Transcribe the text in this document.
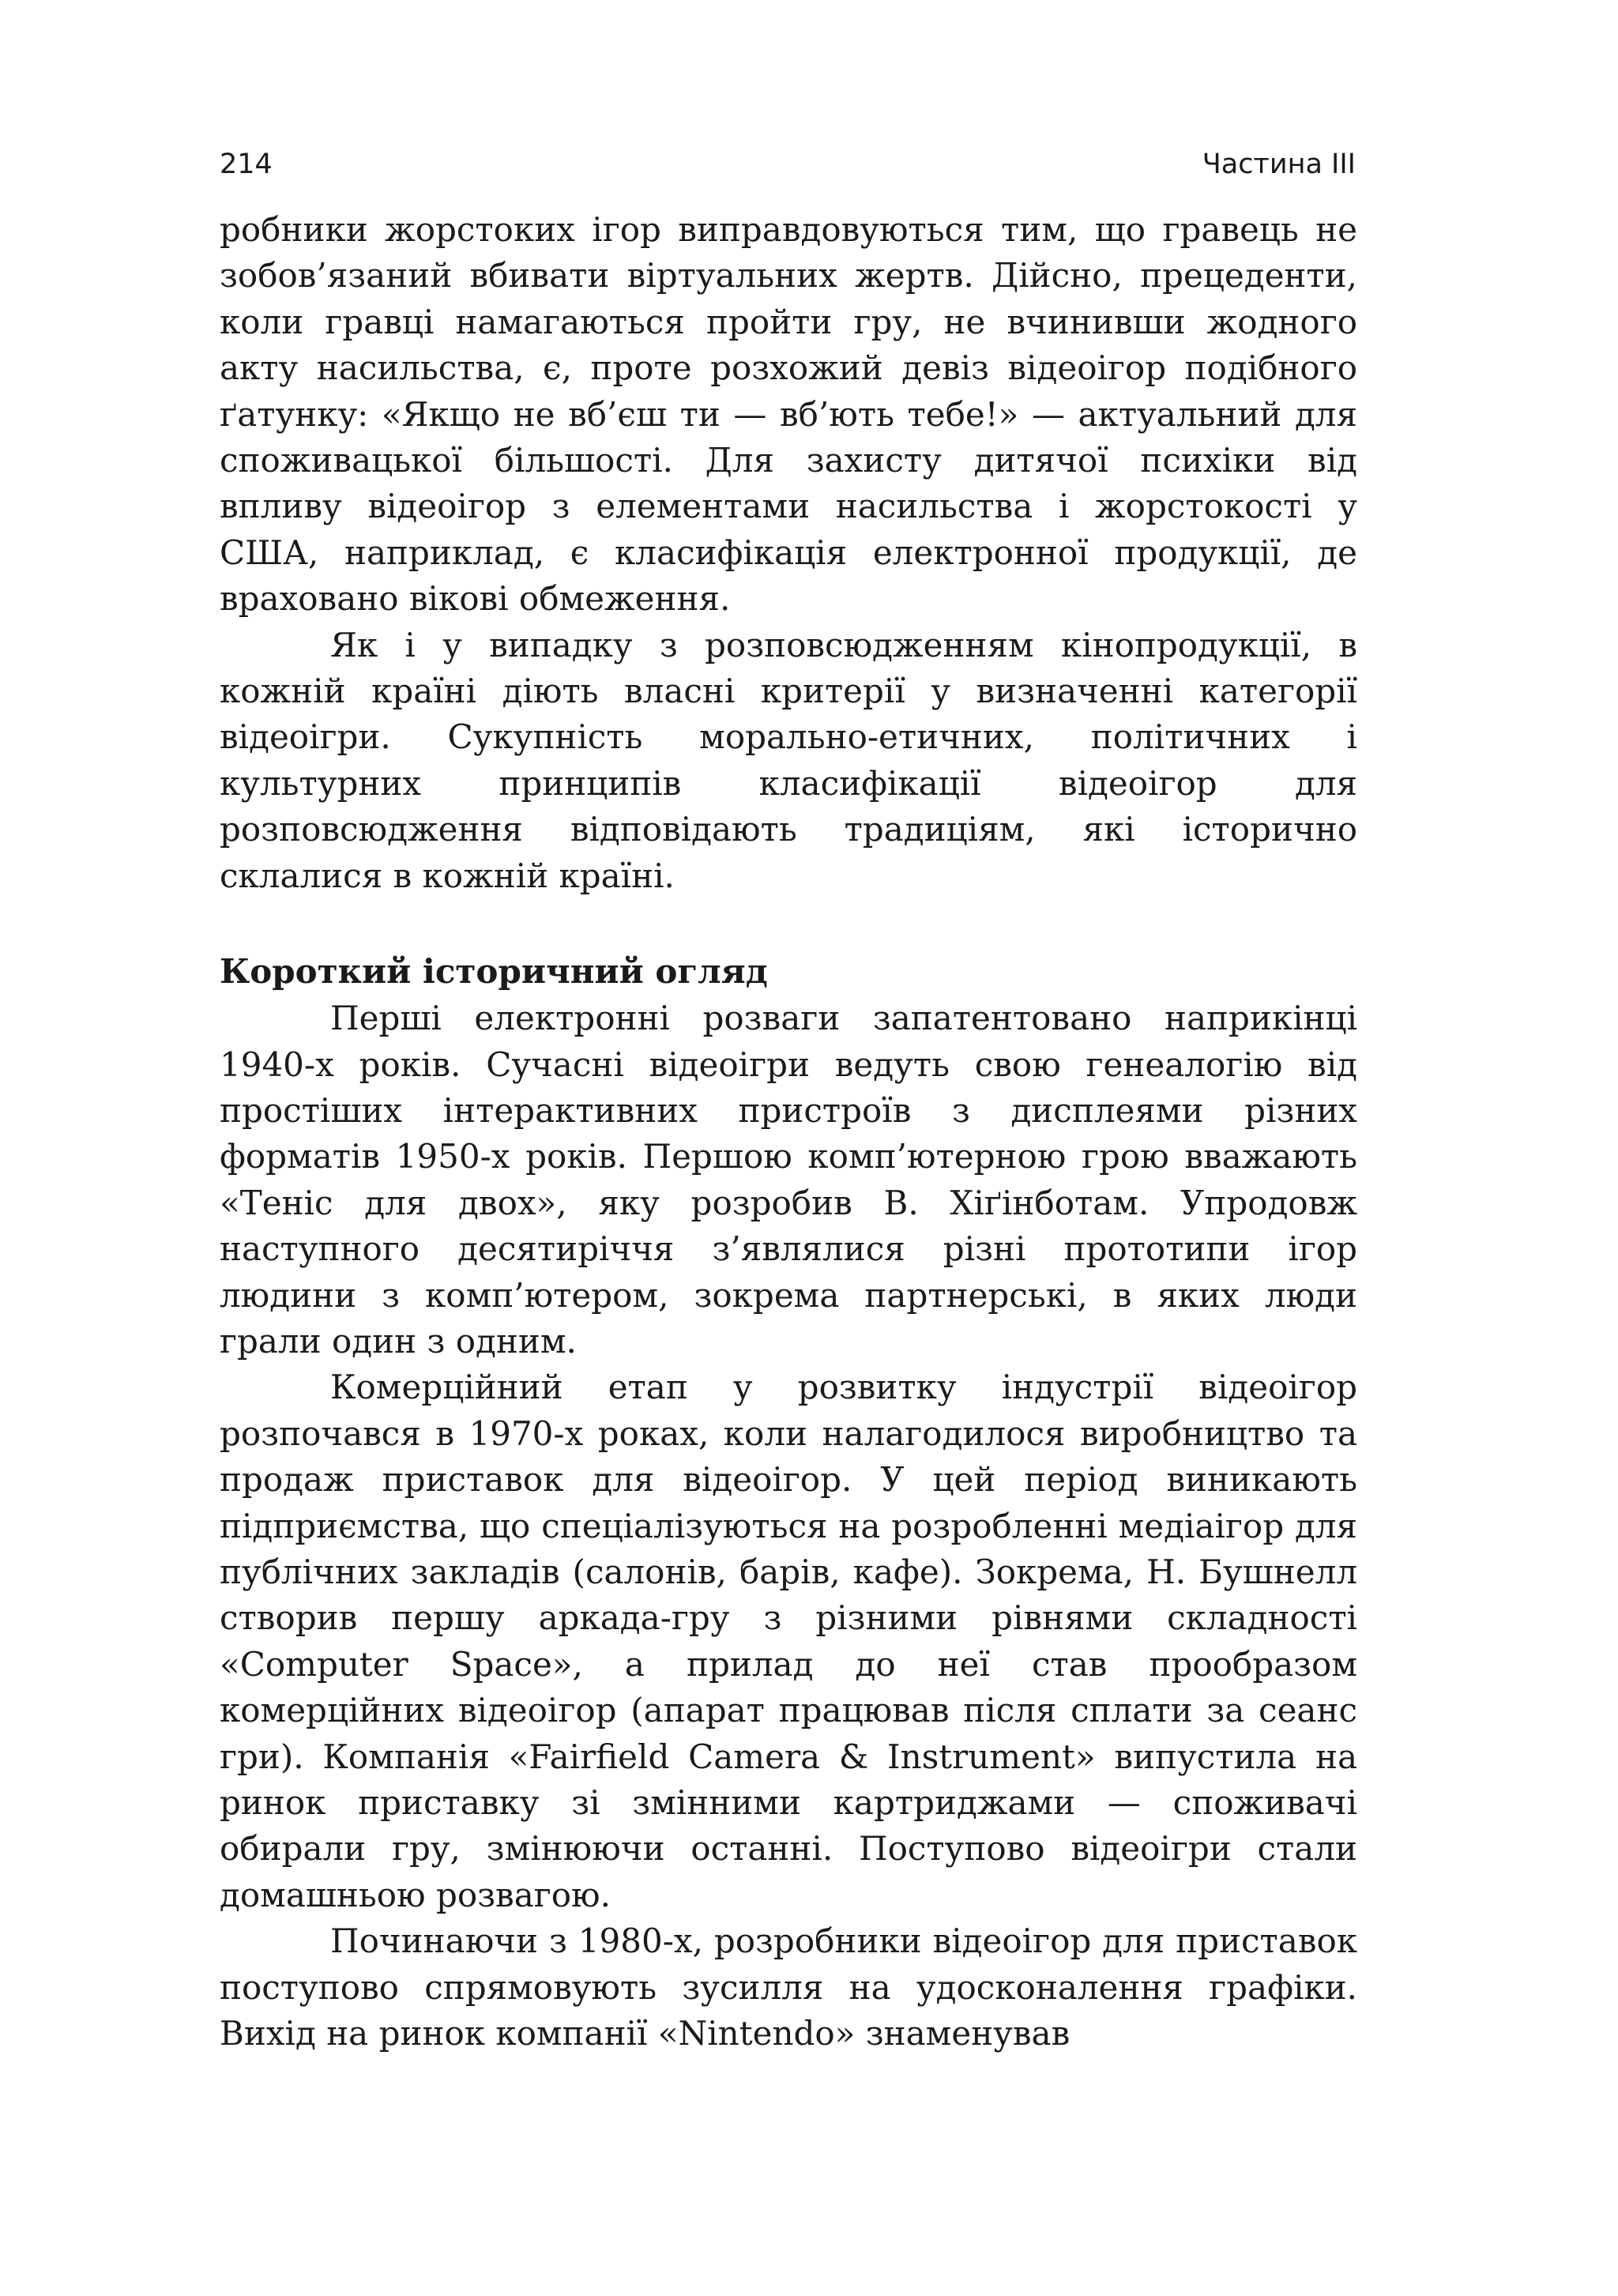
214	Частина III

робники жорстоких ігор виправдовуються тим, що гравець не зобов’язаний вбивати віртуальних жертв. Дійсно, прецеденти, коли гравці намагаються пройти гру, не вчинивши жодного акту насильства, є, проте розхожий девіз відеоігор подібного ґатунку: «Якщо не вб’єш ти — вб’ють тебе!» — актуальний для споживацької більшості. Для захисту дитячої психіки від впливу відеоігор з елементами насильства і жорстокості у США, наприклад, є класифікація електронної продукції, де враховано вікові обмеження.

Як і у випадку з розповсюдженням кінопродукції, в кожній країні діють власні критерії у визначенні категорії відеоігри. Сукупність морально-етичних, політичних і культурних принципів класифікації відеоігор для розповсюдження відповідають традиціям, які історично склалися в кожній країні.

Короткий історичний огляд

Перші електронні розваги запатентовано наприкінці 1940-х років. Сучасні відеоігри ведуть свою генеалогію від простіших інтерактивних пристроїв з дисплеями різних форматів 1950-х років. Першою комп’ютерною грою вважають «Теніс для двох», яку розробив В. Хіґінботам. Упродовж наступного десятиріччя з’являлися різні прототипи ігор людини з комп’ютером, зокрема партнерські, в яких люди грали один з одним.

Комерційний етап у розвитку індустрії відеоігор розпочався в 1970-х роках, коли налагодилося виробництво та продаж приставок для відеоігор. У цей період виникають підприємства, що спеціалізуються на розробленні медіаігор для публічних закладів (салонів, барів, кафе). Зокрема, Н. Бушнелл створив першу аркада-гру з різними рівнями складності «Computer Space», а прилад до неї став прообразом комерційних відеоігор (апарат працював після сплати за сеанс гри). Компанія «Fairfield Camera & Instrument» випустила на ринок приставку зі змінними картриджами — споживачі обирали гру, змінюючи останні. Поступово відеоігри стали домашньою розвагою.

Починаючи з 1980-х, розробники відеоігор для приставок поступово спрямовують зусилля на удосконалення графіки. Вихід на ринок компанії «Nintendo» знаменував
